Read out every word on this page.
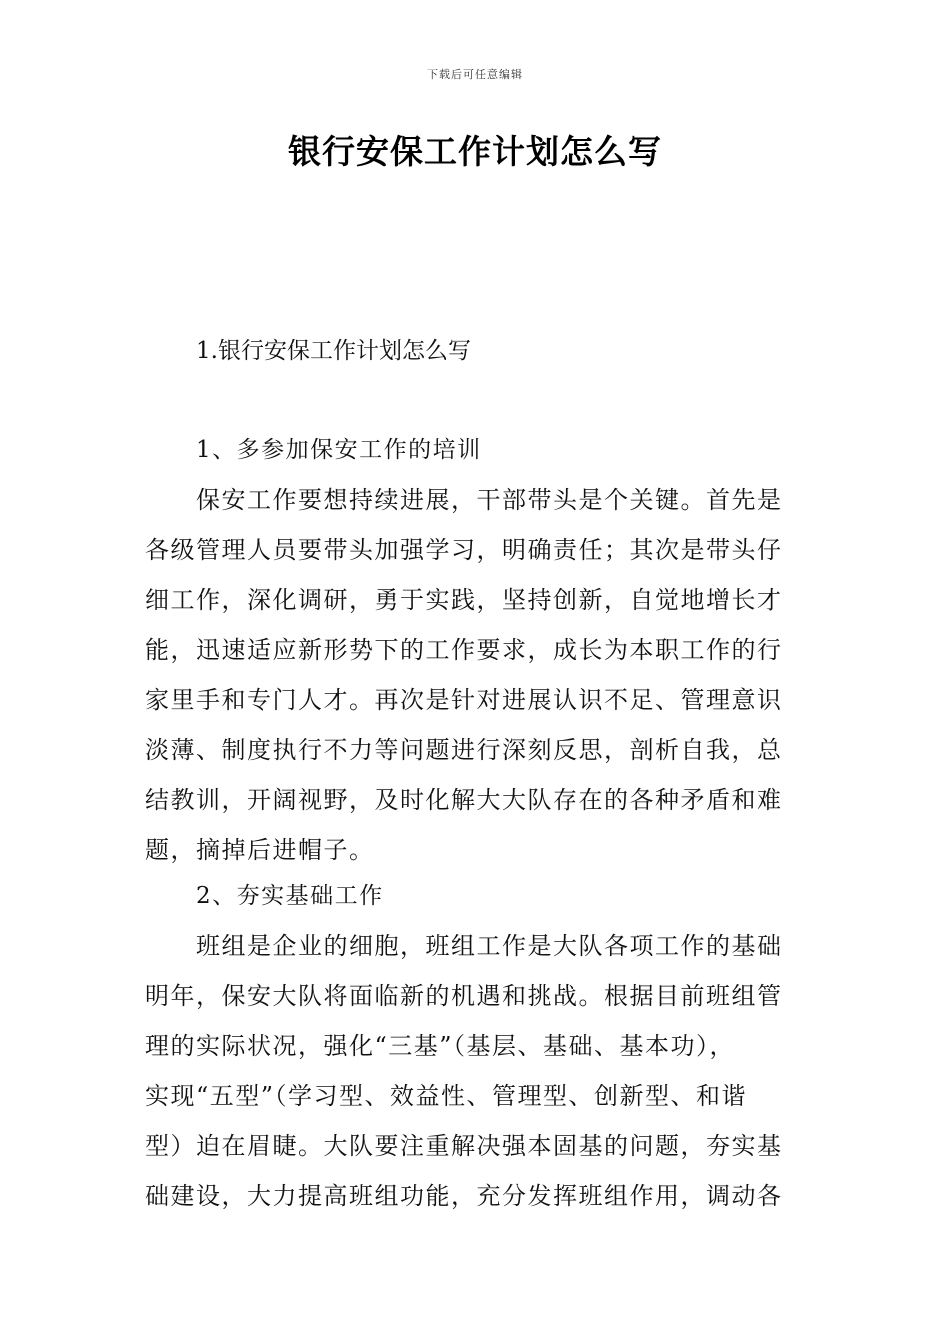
下载后可任意编辑
银行安保工作计划怎么写
1.银行安保工作计划怎么写
1、多参加保安工作的培训
保安工作要想持续进展，干部带头是个关键。首先是
各级管理人员要带头加强学习，明确责任；其次是带头仔
细工作，深化调研，勇于实践，坚持创新，自觉地增长才
能，迅速适应新形势下的工作要求，成长为本职工作的行
家里手和专门人才。再次是针对进展认识不足、管理意识
淡薄、制度执行不力等问题进行深刻反思，剖析自我，总
结教训，开阔视野，及时化解大大队存在的各种矛盾和难
题，摘掉后进帽子。
2、夯实基础工作
班组是企业的细胞，班组工作是大队各项工作的基础
明年，保安大队将面临新的机遇和挑战。根据目前班组管
理的实际状况，强化“三基”（基层、基础、基本功），
实现“五型”（学习型、效益性、管理型、创新型、和谐
型）迫在眉睫。大队要注重解决强本固基的问题，夯实基
础建设，大力提高班组功能，充分发挥班组作用，调动各
